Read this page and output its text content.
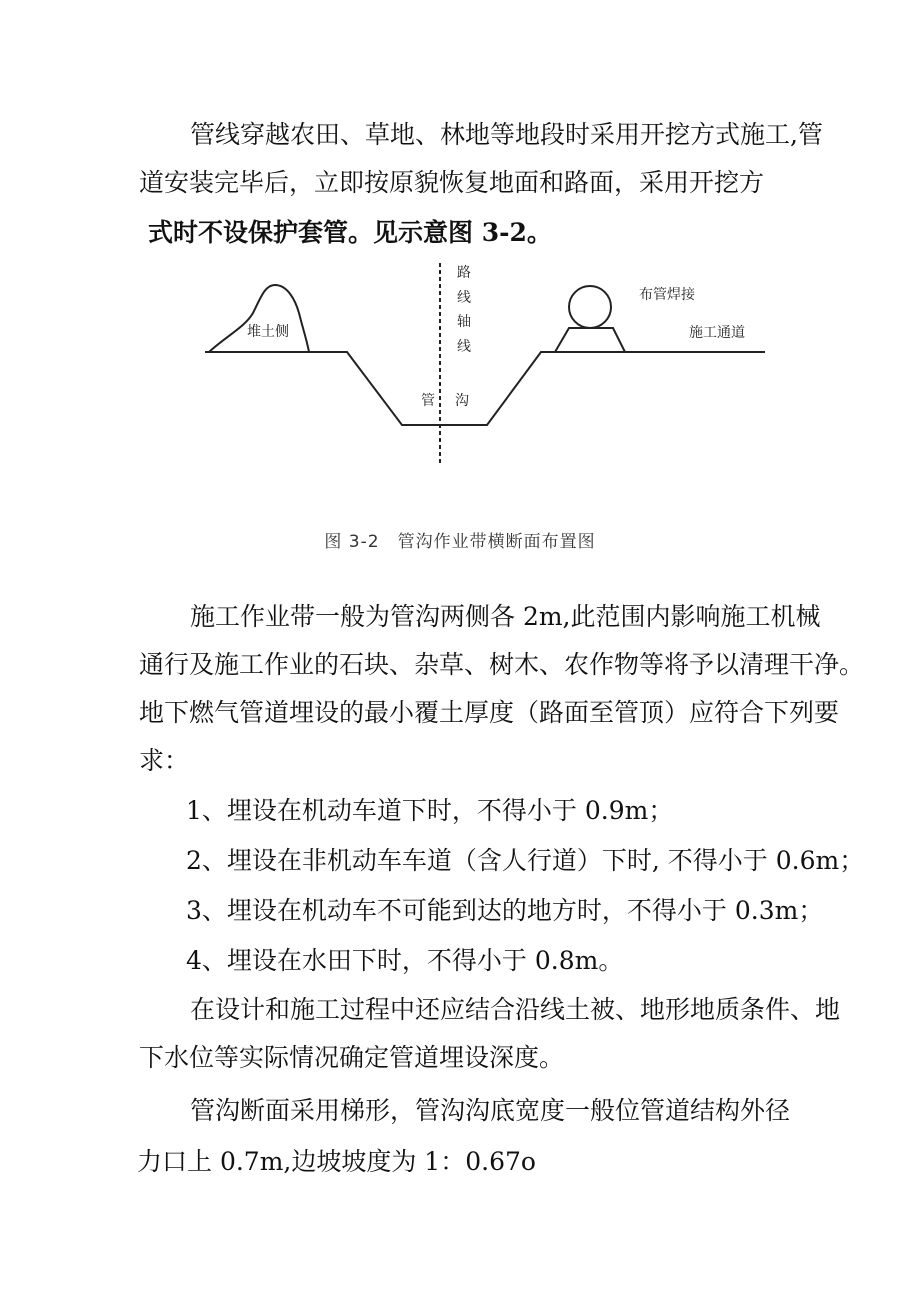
管线穿越农田、草地、林地等地段时采用开挖方式施工,管
道安装完毕后，立即按原貌恢复地面和路面，采用开挖方
式时不设保护套管。见示意图 3-2。
堆土侧
路
线
轴
线
管 沟
布管焊接
施工通道
图 3-2　管沟作业带横断面布置图
施工作业带一般为管沟两侧各 2m,此范围内影响施工机械
通行及施工作业的石块、杂草、树木、农作物等将予以清理干净。
地下燃气管道埋设的最小覆土厚度（路面至管顶）应符合下列要
求：
1、埋设在机动车道下时，不得小于 0.9m；
2、埋设在非机动车车道（含人行道）下时, 不得小于 0.6m；
3、埋设在机动车不可能到达的地方时，不得小于 0.3m；
4、埋设在水田下时，不得小于 0.8m。
在设计和施工过程中还应结合沿线土被、地形地质条件、地
下水位等实际情况确定管道埋设深度。
管沟断面采用梯形，管沟沟底宽度一般位管道结构外径
力口上 0.7m,边坡坡度为 1：0.67o
